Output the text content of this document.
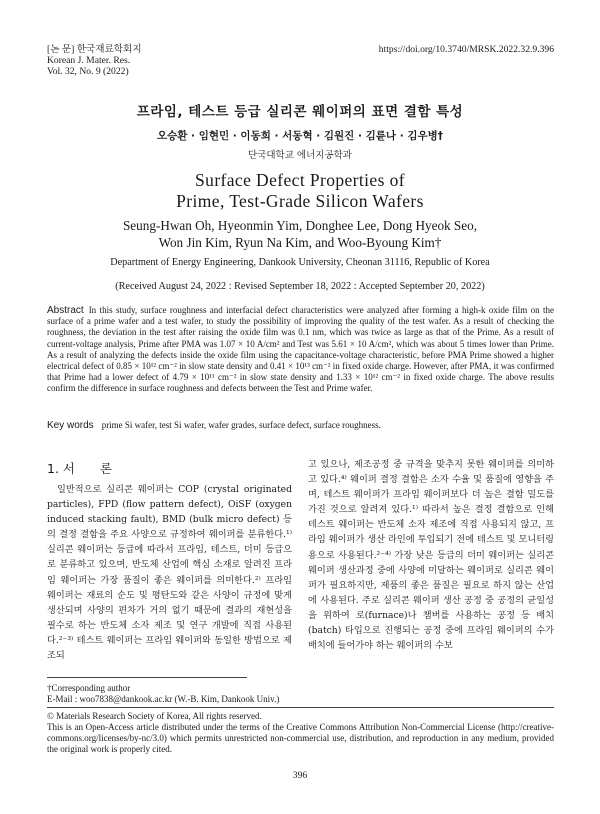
[논 문] 한국재료학회지
Korean J. Mater. Res.
Vol. 32, No. 9 (2022)
https://doi.org/10.3740/MRSK.2022.32.9.396
프라임, 테스트 등급 실리콘 웨이퍼의 표면 결함 특성
오승환 · 임현민 · 이동희 · 서동혁 · 김원진 · 김륜나 · 김우병†
단국대학교 에너지공학과
Surface Defect Properties of
Prime, Test-Grade Silicon Wafers
Seung-Hwan Oh, Hyeonmin Yim, Donghee Lee, Dong Hyeok Seo,
Won Jin Kim, Ryun Na Kim, and Woo-Byoung Kim†
Department of Energy Engineering, Dankook University, Cheonan 31116, Republic of Korea
(Received August 24, 2022 : Revised September 18, 2022 : Accepted September 20, 2022)
Abstract In this study, surface roughness and interfacial defect characteristics were analyzed after forming a high-k oxide film on the surface of a prime wafer and a test wafer, to study the possibility of improving the quality of the test wafer. As a result of checking the roughness, the deviation in the test after raising the oxide film was 0.1 nm, which was twice as large as that of the Prime. As a result of current-voltage analysis, Prime after PMA was 1.07 × 10 A/cm² and Test was 5.61 × 10 A/cm², which was about 5 times lower than Prime. As a result of analyzing the defects inside the oxide film using the capacitance-voltage characteristic, before PMA Prime showed a higher electrical defect of 0.85 × 10¹² cm⁻² in slow state density and 0.41 × 10¹³ cm⁻² in fixed oxide charge. However, after PMA, it was confirmed that Prime had a lower defect of 4.79 × 10¹¹ cm⁻² in slow state density and 1.33 × 10¹² cm⁻² in fixed oxide charge. The above results confirm the difference in surface roughness and defects between the Test and Prime wafer.
Key words prime Si wafer, test Si wafer, wafer grades, surface defect, surface roughness.
1. 서　　론
일반적으로 실리콘 웨이퍼는 COP (crystal originated particles), FPD (flow pattern defect), OiSF (oxygen induced stacking fault), BMD (bulk micro defect) 등의 결정 결함을 주요 사양으로 규정하여 웨이퍼를 분류한다.¹⁾ 실리콘 웨이퍼는 등급에 따라서 프라임, 테스트, 더미 등급으로 분류하고 있으며, 반도체 산업에 핵심 소재로 알려진 프라임 웨이퍼는 가장 품질이 좋은 웨이퍼를 의미한다.²⁾ 프라임 웨이퍼는 재료의 순도 및 평탄도와 같은 사양이 규정에 맞게 생산되며 사양의 편차가 거의 없기 때문에 결과의 재현성을 필수로 하는 반도체 소자 제조 및 연구 개발에 직접 사용된다.²⁻³⁾ 테스트 웨이퍼는 프라임 웨이퍼와 동일한 방법으로 제조되
고 있으나, 제조공정 중 규격을 맞추지 못한 웨이퍼를 의미하고 있다.⁴⁾ 웨이퍼 결정 결함은 소자 수율 및 품질에 영향을 주며, 테스트 웨이퍼가 프라임 웨이퍼보다 더 높은 결함 밀도를 가진 것으로 알려져 있다.¹⁾ 따라서 높은 결정 결함으로 인해 테스트 웨이퍼는 반도체 소자 제조에 직접 사용되지 않고, 프라임 웨이퍼가 생산 라인에 투입되기 전에 테스트 및 모니터링용으로 사용된다.²⁻⁴⁾ 가장 낮은 등급의 더미 웨이퍼는 실리콘 웨이퍼 생산과정 중에 사양에 미달하는 웨이퍼로 실리콘 웨이퍼가 필요하지만, 제품의 좋은 품질은 필요로 하지 않는 산업에 사용된다. 주로 실리콘 웨이퍼 생산 공정 중 공정의 균일성을 위하여 로(furnace)나 챔버를 사용하는 공정 등 배치(batch) 타입으로 진행되는 공정 중에 프라임 웨이퍼의 수가 배치에 들어가야 하는 웨이퍼의 수보
†Corresponding author
E-Mail : woo7838@dankook.ac.kr (W.-B. Kim, Dankook Univ.)
© Materials Research Society of Korea, All rights reserved.
This is an Open-Access article distributed under the terms of the Creative Commons Attribution Non-Commercial License (http://creative-commons.org/licenses/by-nc/3.0) which permits unrestricted non-commercial use, distribution, and reproduction in any medium, provided the original work is properly cited.
396
